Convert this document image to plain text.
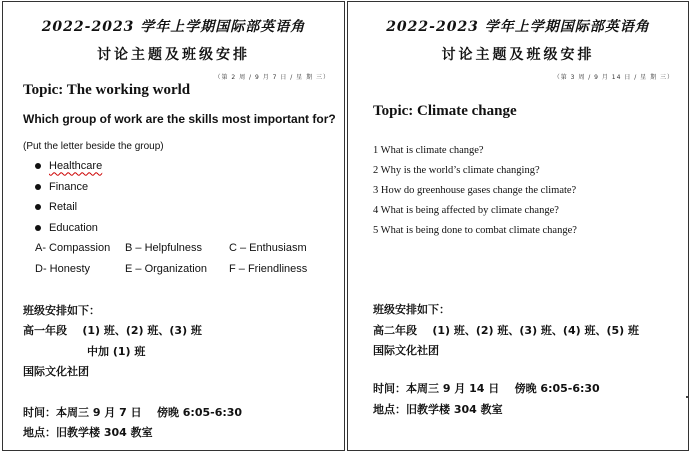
2022-2023 学年上学期国际部英语角
讨论主题及班级安排
（第 2 周 / 9 月 7 日 / 星 期 三）
Topic: The working world
Which group of work are the skills most important for?
(Put the letter beside the group)
Healthcare
Finance
Retail
Education
A- Compassion	B – Helpfulness	C – Enthusiasm
D- Honesty	E – Organization	F – Friendliness
班级安排如下：
高一年段    (1) 班、(2) 班、(3) 班
中加 (1) 班
国际文化社团
时间：本周三 9 月 7 日    傍晚 6:05-6:30
地点：旧教学楼 304 教室
2022-2023 学年上学期国际部英语角
讨论主题及班级安排
（第 3 周 / 9 月 14 日 / 星 期 三）
Topic: Climate change
1 What is climate change?
2 Why is the world’s climate changing?
3 How do greenhouse gases change the climate?
4 What is being affected by climate change?
5 What is being done to combat climate change?
班级安排如下：
高二年段    (1) 班、(2) 班、(3) 班、(4) 班、(5) 班
国际文化社团
时间：本周三 9 月 14 日    傍晚 6:05-6:30
地点：旧教学楼 304 教室
